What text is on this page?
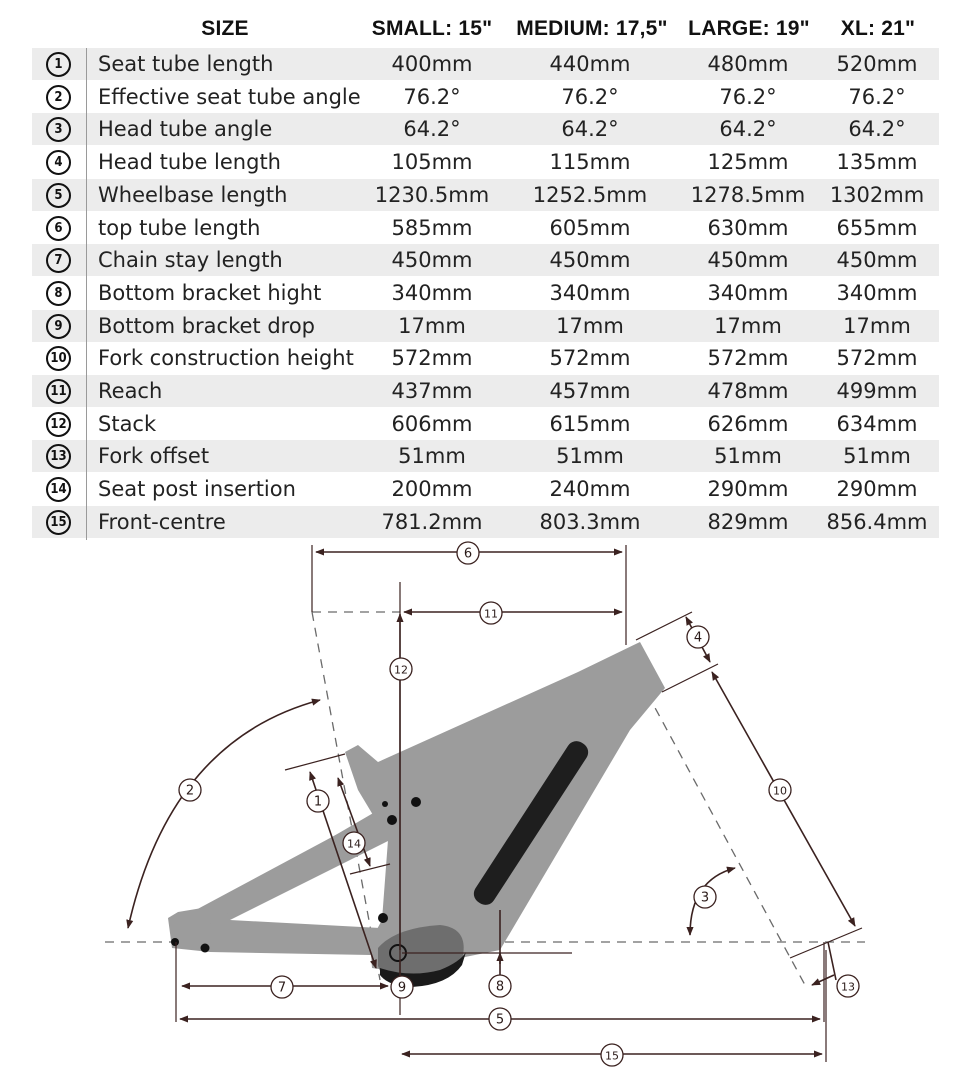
SIZE	SMALL: 15"	MEDIUM: 17,5" LARGE: 19"	XL: 21"
1	Seat tube length	400mm	440mm	480mm	520mm
2	Effective seat tube angle	76.2°	76.2°	76.2°	76.2°
3	Head tube angle	64.2°	64.2°	64.2°	64.2°
4	Head tube length	105mm	115mm	125mm	135mm
5	Wheelbase length	1230.5mm	1252.5mm	1278.5mm	1302mm
6	top tube length	585mm	605mm	630mm	655mm
7	Chain stay length	450mm	450mm	450mm	450mm
8	Bottom bracket hight	340mm	340mm	340mm	340mm
9	Bottom bracket drop	17mm	17mm	17mm	17mm
10 Fork construction height	572mm	572mm	572mm	572mm
11 Reach	437mm	457mm	478mm	499mm
12 Stack	606mm	615mm	626mm	634mm
13 Fork offset	51mm	51mm	51mm	51mm
14 Seat post insertion	200mm	240mm	290mm	290mm
15 Front-centre	781.2mm	803.3mm	829mm	856.4mm
1
2
3
4
5
6
7	8
9
10
11
12
13
14
15
